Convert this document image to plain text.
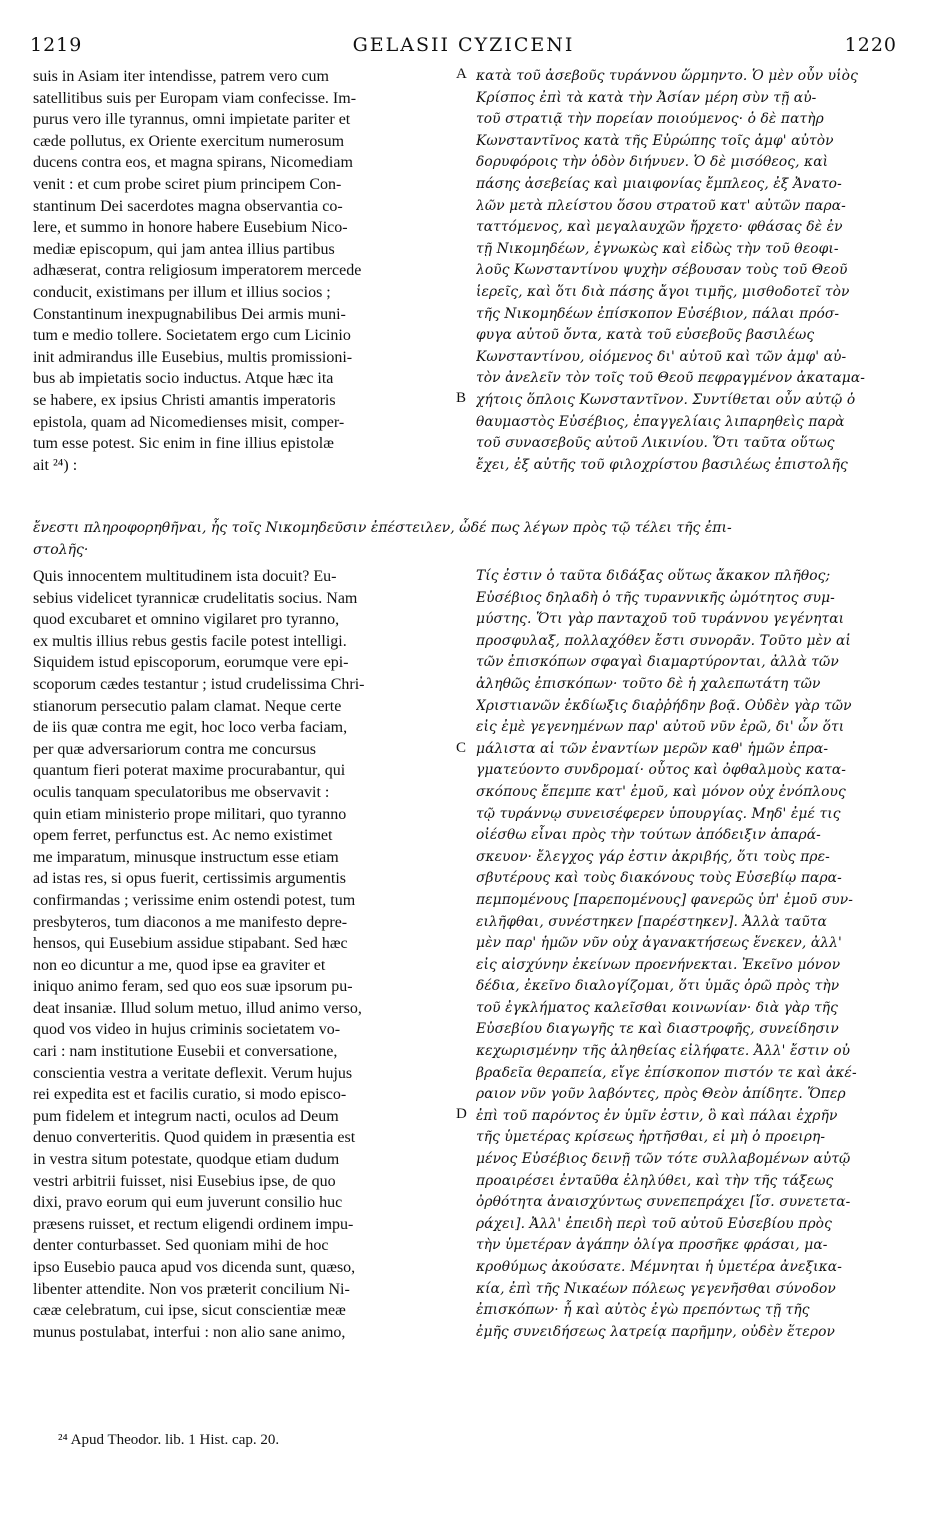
1219	GELASII CYZICENI	1220
suis in Asiam iter intendisse, patrem vero cum
satellitibus suis per Europam viam confecisse. Im-
purus vero ille tyrannus, omni impietate pariter et
cæde pollutus, ex Oriente exercitum numerosum
ducens contra eos, et magna spirans, Nicomediam
venit : et cum probe sciret pium principem Con-
stantinum Dei sacerdotes magna observantia co-
lere, et summo in honore habere Eusebium Nico-
mediæ episcopum, qui jam antea illius partibus
adhæserat, contra religiosum imperatorem mercede
conducit, existimans per illum et illius socios ;
Constantinum inexpugnabilibus Dei armis muni-
tum e medio tollere. Societatem ergo cum Licinio
init admirandus ille Eusebius, multis promissioni-
bus ab impietatis socio inductus. Atque hæc ita
se habere, ex ipsius Christi amantis imperatoris
epistola, quam ad Nicomedienses misit, comper-
tum esse potest. Sic enim in fine illius epistolæ
ait ²⁴) :
κατὰ τοῦ ἀσεβοῦς τυράννου ὥρμηντο. Ὁ μὲν οὖν υἱὸς
Κρίσπος ἐπὶ τὰ κατὰ τὴν Ἀσίαν μέρη σὺν τῇ αὐ-
τοῦ στρατιᾷ τὴν πορείαν ποιούμενος· ὁ δὲ πατὴρ
Κωνσταντῖνος κατὰ τῆς Εὐρώπης τοῖς ἀμφ' αὐτὸν
δορυφόροις τὴν ὁδὸν διήνυεν. Ὁ δὲ μισόθεος, καὶ
πάσης ἀσεβείας καὶ μιαιφονίας ἔμπλεος, ἐξ Ἀνατο-
λῶν μετὰ πλείστου ὅσου στρατοῦ κατ' αὐτῶν παρα-
ταττόμενος, καὶ μεγαλαυχῶν ἤρχετο· φθάσας δὲ ἐν
τῇ Νικομηδέων, ἐγνωκὼς καὶ εἰδὼς τὴν τοῦ θεοφι-
λοῦς Κωνσταντίνου ψυχὴν σέβουσαν τοὺς τοῦ Θεοῦ
ἱερεῖς, καὶ ὅτι διὰ πάσης ἄγοι τιμῆς, μισθοδοτεῖ τὸν
τῆς Νικομηδέων ἐπίσκοπον Εὐσέβιον, πάλαι πρόσ-
φυγα αὐτοῦ ὄντα, κατὰ τοῦ εὐσεβοῦς βασιλέως
Κωνσταντίνου, οἰόμενος δι' αὐτοῦ καὶ τῶν ἀμφ' αὐ-
τὸν ἀνελεῖν τὸν τοῖς τοῦ Θεοῦ πεφραγμένον ἀκαταμα-
χήτοις ὅπλοις Κωνσταντῖνον. Συντίθεται οὖν αὐτῷ ὁ
θαυμαστὸς Εὐσέβιος, ἐπαγγελίαις λιπαρηθεὶς παρὰ
τοῦ συνασεβοῦς αὐτοῦ Λικινίου. Ὅτι ταῦτα οὕτως
ἔχει, ἐξ αὐτῆς τοῦ φιλοχρίστου βασιλέως ἐπιστολῆς
A
B
ἔνεστι πληροφορηθῆναι, ἧς τοῖς Νικομηδεῦσιν ἐπέστειλεν, ὧδέ πως λέγων πρὸς τῷ τέλει τῆς ἐπι-
στολῆς·
Quis innocentem multitudinem ista docuit? Eu-
sebius videlicet tyrannicæ crudelitatis socius. Nam
quod excubaret et omnino vigilaret pro tyranno,
ex multis illius rebus gestis facile potest intelligi.
Siquidem istud episcoporum, eorumque vere epi-
scoporum cædes testantur ; istud crudelissima Chri-
stianorum persecutio palam clamat. Neque certe
de iis quæ contra me egit, hoc loco verba faciam,
per quæ adversariorum contra me concursus
quantum fieri poterat maxime procurabantur, qui
oculis tanquam speculatoribus me observavit :
quin etiam ministerio prope militari, quo tyranno
opem ferret, perfunctus est. Ac nemo existimet
me imparatum, minusque instructum esse etiam
ad istas res, si opus fuerit, certissimis argumentis
confirmandas ; verissime enim ostendi potest, tum
presbyteros, tum diaconos a me manifesto depre-
hensos, qui Eusebium assidue stipabant. Sed hæc
non eo dicuntur a me, quod ipse ea graviter et
iniquo animo feram, sed quo eos suæ ipsorum pu-
deat insaniæ. Illud solum metuo, illud animo verso,
quod vos video in hujus criminis societatem vo-
cari : nam institutione Eusebii et conversatione,
conscientia vestra a veritate deflexit. Verum hujus
rei expedita est et facilis curatio, si modo episco-
pum fidelem et integrum nacti, oculos ad Deum
denuo converteritis. Quod quidem in præsentia est
in vestra situm potestate, quodque etiam dudum
vestri arbitrii fuisset, nisi Eusebius ipse, de quo
dixi, pravo eorum qui eum juverunt consilio huc
præsens ruisset, et rectum eligendi ordinem impu-
denter conturbasset. Sed quoniam mihi de hoc
ipso Eusebio pauca apud vos dicenda sunt, quæso,
libenter attendite. Non vos præterit concilium Ni-
cææ celebratum, cui ipse, sicut conscientiæ meæ
munus postulabat, interfui : non alio sane animo,
Τίς ἐστιν ὁ ταῦτα διδάξας οὕτως ἄκακον πλῆθος;
Εὐσέβιος δηλαδὴ ὁ τῆς τυραννικῆς ὠμότητος συμ-
μύστης. Ὅτι γὰρ πανταχοῦ τοῦ τυράννου γεγένηται
προσφυλαξ, πολλαχόθεν ἔστι συνορᾶν. Τοῦτο μὲν αἱ
τῶν ἐπισκόπων σφαγαὶ διαμαρτύρονται, ἀλλὰ τῶν
ἀληθῶς ἐπισκόπων· τοῦτο δὲ ἡ χαλεπωτάτη τῶν
Χριστιανῶν ἐκδίωξις διαῤῥήδην βοᾷ. Οὐδὲν γὰρ τῶν
εἰς ἐμὲ γεγενημένων παρ' αὐτοῦ νῦν ἐρῶ, δι' ὧν ὅτι
μάλιστα αἱ τῶν ἐναντίων μερῶν καθ' ἡμῶν ἐπρα-
γματεύοντο συνδρομαί· οὗτος καὶ ὀφθαλμοὺς κατα-
σκόπους ἔπεμπε κατ' ἐμοῦ, καὶ μόνον οὐχ ἐνόπλους
τῷ τυράννῳ συνεισέφερεν ὑπουργίας. Μηδ' ἐμέ τις
οἰέσθω εἶναι πρὸς τὴν τούτων ἀπόδειξιν ἀπαρά-
σκευον· ἔλεγχος γάρ ἐστιν ἀκριβής, ὅτι τοὺς πρε-
σβυτέρους καὶ τοὺς διακόνους τοὺς Εὐσεβίῳ παρα-
πεμπομένους [παρεπομένους] φανερῶς ὑπ' ἐμοῦ συν-
ειλῆφθαι, συνέστηκεν [παρέστηκεν]. Ἀλλὰ ταῦτα
μὲν παρ' ἡμῶν νῦν οὐχ ἀγανακτήσεως ἕνεκεν, ἀλλ'
εἰς αἰσχύνην ἐκείνων προενήνεκται. Ἐκεῖνο μόνον
δέδια, ἐκεῖνο διαλογίζομαι, ὅτι ὑμᾶς ὁρῶ πρὸς τὴν
τοῦ ἐγκλήματος καλεῖσθαι κοινωνίαν· διὰ γὰρ τῆς
Εὐσεβίου διαγωγῆς τε καὶ διαστροφῆς, συνείδησιν
κεχωρισμένην τῆς ἀληθείας εἰλήφατε. Ἀλλ' ἔστιν οὐ
βραδεῖα θεραπεία, εἴγε ἐπίσκοπον πιστόν τε καὶ ἀκέ-
ραιον νῦν γοῦν λαβόντες, πρὸς Θεὸν ἀπίδητε. Ὅπερ
ἐπὶ τοῦ παρόντος ἐν ὑμῖν ἐστιν, ὃ καὶ πάλαι ἐχρῆν
τῆς ὑμετέρας κρίσεως ἠρτῆσθαι, εἰ μὴ ὁ προειρη-
μένος Εὐσέβιος δεινῇ τῶν τότε συλλαβομένων αὐτῷ
προαιρέσει ἐνταῦθα ἐληλύθει, καὶ τὴν τῆς τάξεως
ὀρθότητα ἀναισχύντως συνεπεπράχει [ἴσ. συνετετα-
ράχει]. Ἀλλ' ἐπειδὴ περὶ τοῦ αὐτοῦ Εὐσεβίου πρὸς
τὴν ὑμετέραν ἀγάπην ὀλίγα προσῆκε φράσαι, μα-
κροθύμως ἀκούσατε. Μέμνηται ἡ ὑμετέρα ἀνεξικα-
κία, ἐπὶ τῆς Νικαέων πόλεως γεγενῆσθαι σύνοδον
ἐπισκόπων· ἧ καὶ αὐτὸς ἐγὼ πρεπόντως τῇ τῆς
ἐμῆς συνειδήσεως λατρείᾳ παρῆμην, οὐδὲν ἕτερον
C
D
²⁴ Apud Theodor. lib. 1 Hist. cap. 20.
